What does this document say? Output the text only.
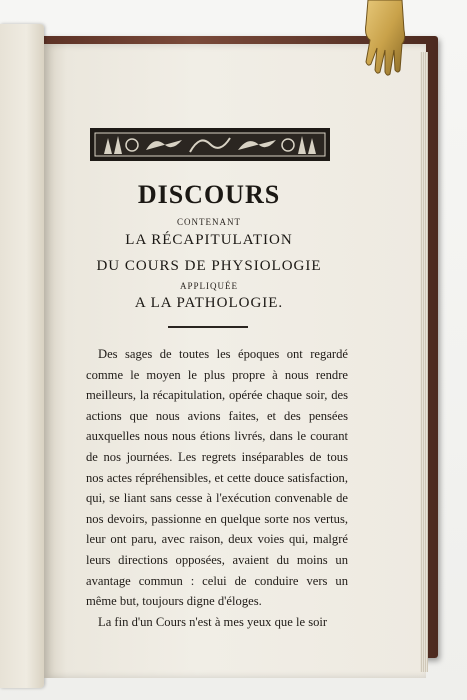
DISCOURS
CONTENANT
LA RÉCAPITULATION
DU COURS DE PHYSIOLOGIE
APPLIQUÉE
A LA PATHOLOGIE.

Des sages de toutes les époques ont regardé comme le moyen le plus propre à nous rendre meilleurs, la récapitulation, opérée chaque soir, des actions que nous avions faites, et des pensées auxquelles nous nous étions livrés, dans le courant de nos journées. Les regrets inséparables de tous nos actes répréhensibles, et cette douce satisfaction, qui, se liant sans cesse à l'exécution convenable de nos devoirs, passionne en quelque sorte nos vertus, leur ont paru, avec raison, deux voies qui, malgré leurs directions opposées, avaient du moins un avantage commun : celui de conduire vers un même but, toujours digne d'éloges.

La fin d'un Cours n'est à mes yeux que le soir
